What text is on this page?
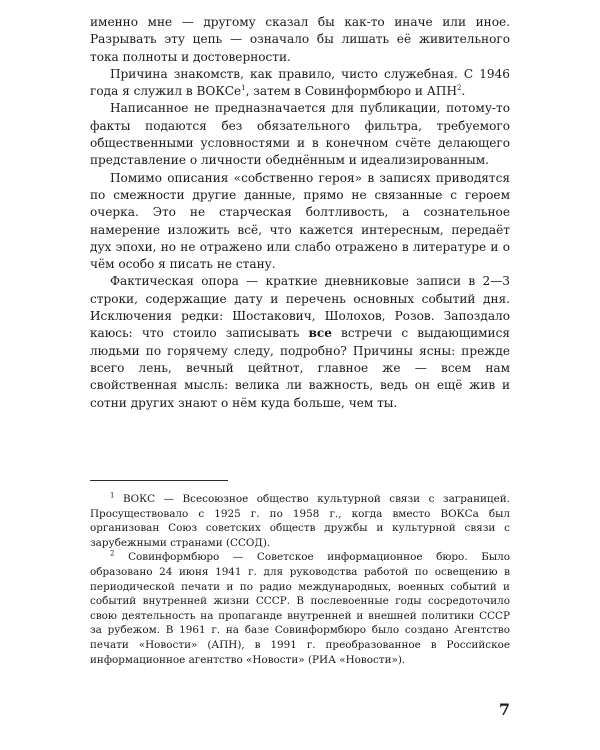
именно мне — другому сказал бы как-то иначе или иное. Разрывать эту цепь — означало бы лишать её живительного тока полноты и достоверности.

Причина знакомств, как правило, чисто служебная. С 1946 года я служил в ВОКСе$^1$, затем в Совинформбюро и АПН$^2$.

Написанное не предназначается для публикации, потому-то факты подаются без обязательного фильтра, требуемого общественными условностями и в конечном счёте делающего представление о личности обеднённым и идеализированным.

Помимо описания «собственно героя» в записях приводятся по смежности другие данные, прямо не связанные с героем очерка. Это не старческая болтливость, а сознательное намерение изложить всё, что кажется интересным, передаёт дух эпохи, но не отражено или слабо отражено в литературе и о чём особо я писать не стану.

Фактическая опора — краткие дневниковые записи в 2—3 строки, содержащие дату и перечень основных событий дня. Исключения редки: Шостакович, Шолохов, Розов. Запоздало каюсь: что стоило записывать все встречи с выдающимися людьми по горячему следу, подробно? Причины ясны: прежде всего лень, вечный цейтнот, главное же — всем нам свойственная мысль: велика ли важность, ведь он ещё жив и сотни других знают о нём куда больше, чем ты.

$^1$ ВОКС — Всесоюзное общество культурной связи с заграницей. Просуществовало с 1925 г. по 1958 г., когда вместо ВОКСа был организован Союз советских обществ дружбы и культурной связи с зарубежными странами (ССОД).

$^2$ Совинформбюро — Советское информационное бюро. Было образовано 24 июня 1941 г. для руководства работой по освещению в периодической печати и по радио международных, военных событий и событий внутренней жизни СССР. В послевоенные годы сосредоточило свою деятельность на пропаганде внутренней и внешней политики СССР за рубежом. В 1961 г. на базе Совинформбюро было создано Агентство печати «Новости» (АПН), в 1991 г. преобразованное в Российское информационное агентство «Новости» (РИА «Новости»).

7
